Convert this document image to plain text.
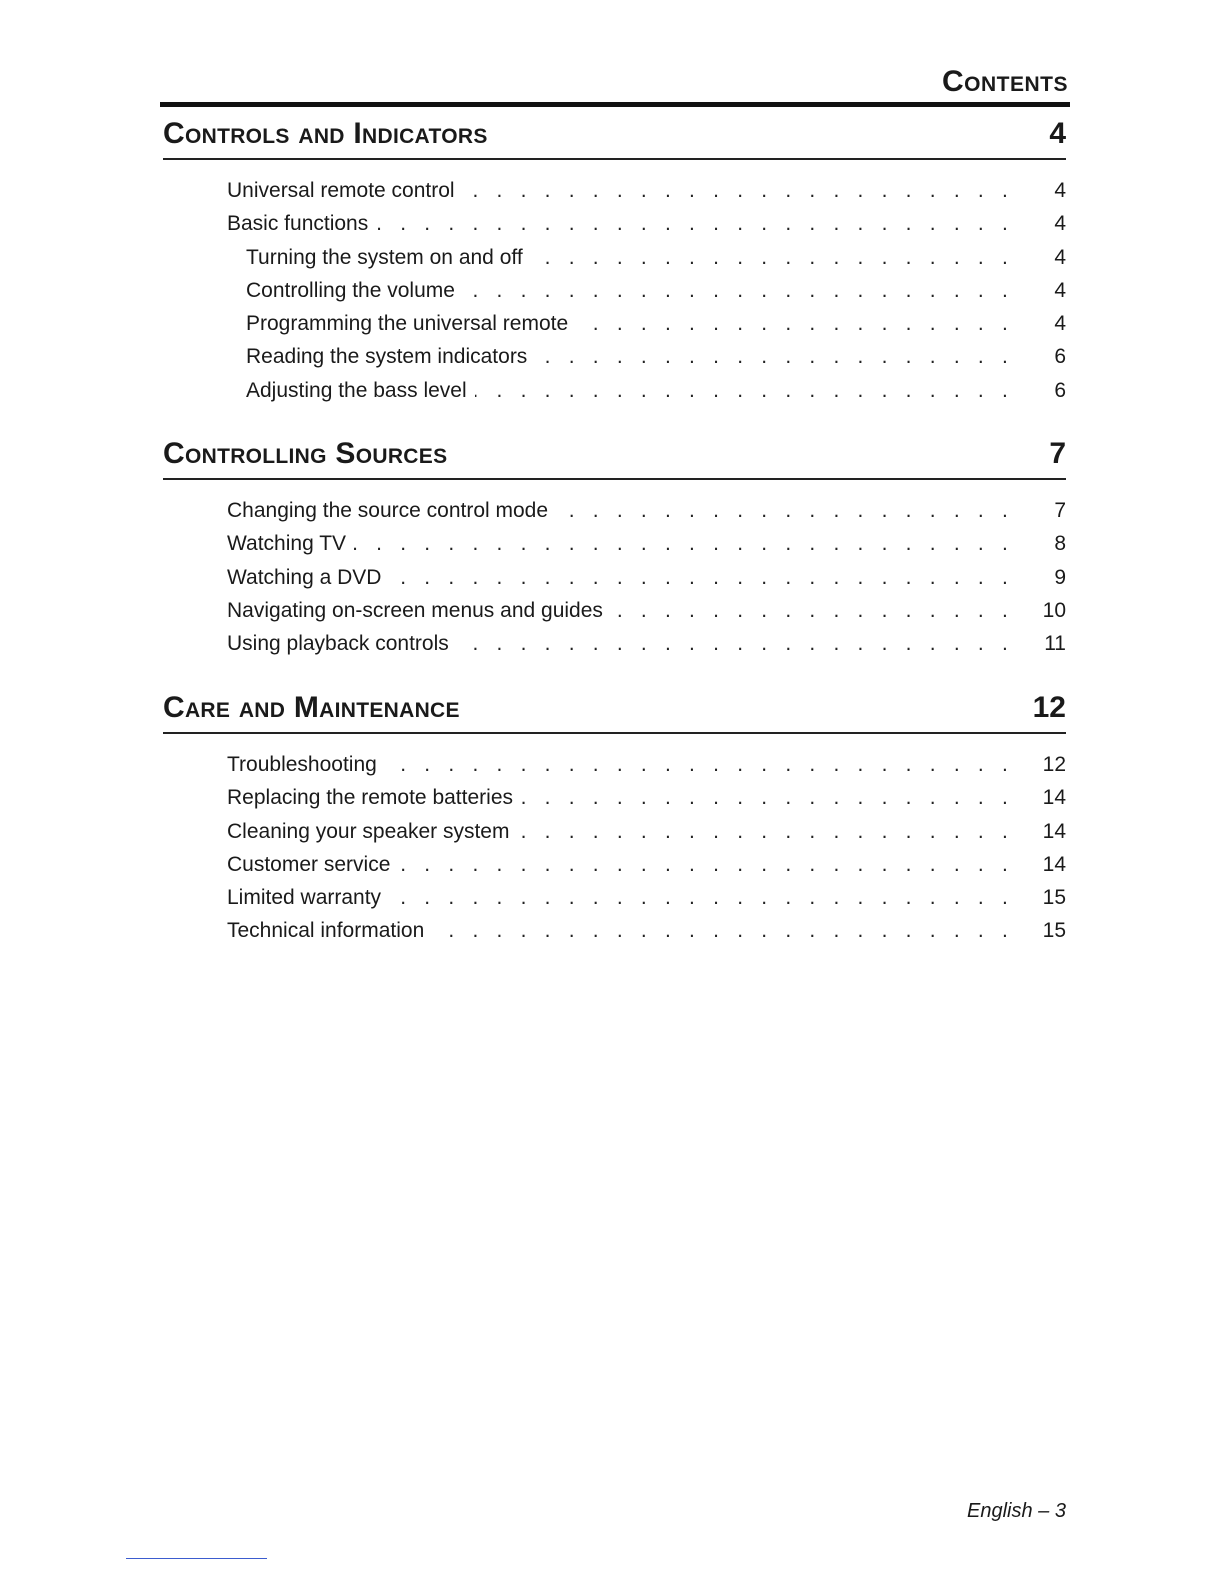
Contents
Controls and Indicators	4
Universal remote control . . .	4
Basic functions . . .	4
Turning the system on and off . . .	4
Controlling the volume . . .	4
Programming the universal remote . . .	4
Reading the system indicators . . .	6
Adjusting the bass level . . .	6
Controlling Sources	7
Changing the source control mode . . .	7
Watching TV . . .	8
Watching a DVD . . .	9
Navigating on-screen menus and guides . . .	10
Using playback controls . . .	11
Care and Maintenance	12
Troubleshooting . . .	12
Replacing the remote batteries . . .	14
Cleaning your speaker system . . .	14
Customer service . . .	14
Limited warranty . . .	15
Technical information . . .	15
English – 3
